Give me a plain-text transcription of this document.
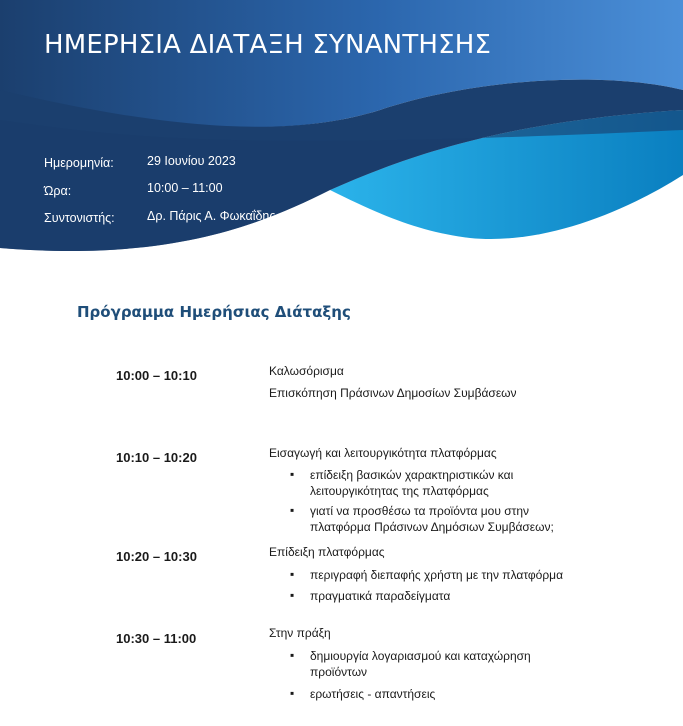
ΗΜΕΡΗΣΙΑ ΔΙΑΤΑΞΗ ΣΥΝΑΝΤΗΣΗΣ
Ημερομηνία:	29 Ιουνίου 2023
Ώρα:	10:00 – 11:00
Συντονιστής:	Δρ. Πάρις Α. Φωκαΐδης
Πρόγραμμα Ημερήσιας Διάταξης
10:00 – 10:10	Καλωσόρισμα
Επισκόπηση Πράσινων Δημοσίων Συμβάσεων
10:10 – 10:20	Εισαγωγή και λειτουργικότητα πλατφόρμας
▪ επίδειξη βασικών χαρακτηριστικών και
λειτουργικότητας της πλατφόρμας
▪ γιατί να προσθέσω τα προϊόντα μου στην
πλατφόρμα Πράσινων Δημόσιων Συμβάσεων;
10:20 – 10:30	Επίδειξη πλατφόρμας
▪ περιγραφή διεπαφής χρήστη με την πλατφόρμα
▪ πραγματικά παραδείγματα
10:30 – 11:00	Στην πράξη
▪ δημιουργία λογαριασμού και καταχώρηση
προϊόντων
▪ ερωτήσεις - απαντήσεις
